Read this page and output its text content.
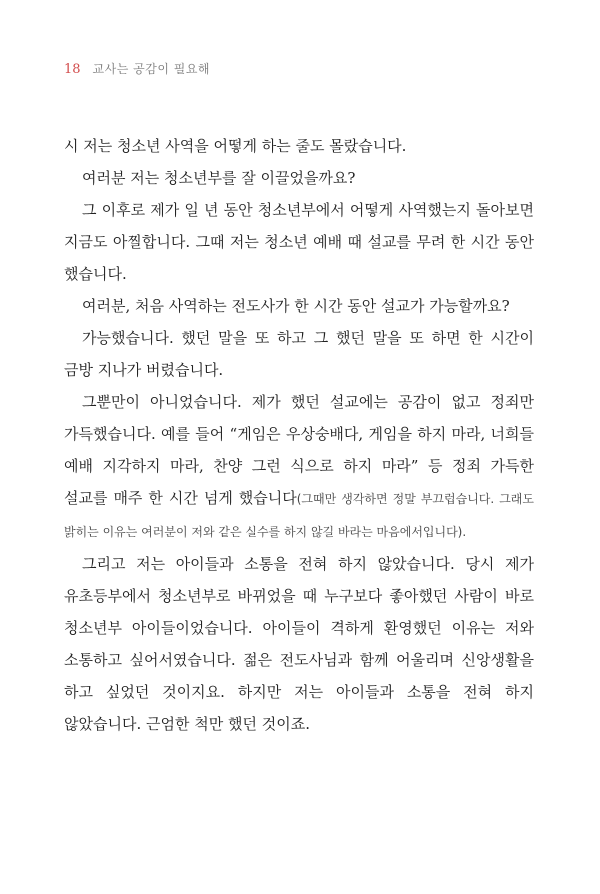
18 교사는 공감이 필요해

시 저는 청소년 사역을 어떻게 하는 줄도 몰랐습니다.

여러분 저는 청소년부를 잘 이끌었을까요?

그 이후로 제가 일 년 동안 청소년부에서 어떻게 사역했는지 돌아보면 지금도 아찔합니다. 그때 저는 청소년 예배 때 설교를 무려 한 시간 동안 했습니다.

여러분, 처음 사역하는 전도사가 한 시간 동안 설교가 가능할까요?

가능했습니다. 했던 말을 또 하고 그 했던 말을 또 하면 한 시간이 금방 지나가 버렸습니다.

그뿐만이 아니었습니다. 제가 했던 설교에는 공감이 없고 정죄만 가득했습니다. 예를 들어 “게임은 우상숭배다, 게임을 하지 마라, 너희들 예배 지각하지 마라, 찬양 그런 식으로 하지 마라” 등 정죄 가득한 설교를 매주 한 시간 넘게 했습니다(그때만 생각하면 정말 부끄럽습니다. 그래도 밝히는 이유는 여러분이 저와 같은 실수를 하지 않길 바라는 마음에서입니다).

그리고 저는 아이들과 소통을 전혀 하지 않았습니다. 당시 제가 유초등부에서 청소년부로 바뀌었을 때 누구보다 좋아했던 사람이 바로 청소년부 아이들이었습니다. 아이들이 격하게 환영했던 이유는 저와 소통하고 싶어서였습니다. 젊은 전도사님과 함께 어울리며 신앙생활을 하고 싶었던 것이지요. 하지만 저는 아이들과 소통을 전혀 하지 않았습니다. 근엄한 척만 했던 것이죠.
